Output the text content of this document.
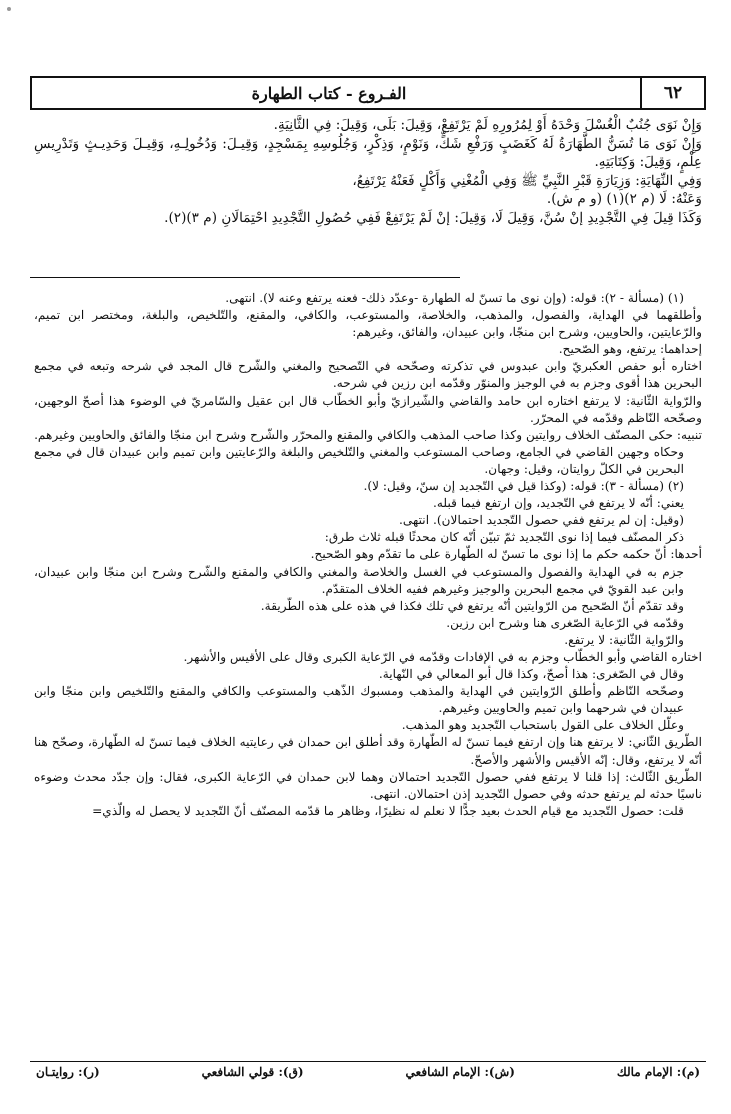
٦٢
الفـروع - كتاب الطهارة

وَإِنْ نَوَى جُنُبٌ الْغُسْلَ وَحْدَهُ أَوْ لِمُرُورِهِ لَمْ يَرْتَفِعْ، وَقِيلَ: بَلَى، وَقِيلَ: فِي الثَّانِيَةِ.

وَإِنْ نَوَى مَا تُسَنُّ الطَّهَارَةُ لَهُ كَغَضَبٍ وَرَفْعِ شَكٍّ، وَنَوْمٍ، وَذِكْرٍ، وَجُلُوسِهِ بِمَسْجِدٍ، وَقِيـلَ: وَدُخُولِـهِ، وَقِيـلَ وَحَدِيـثٍ وَتَدْرِيسِ عِلْمٍ، وَقِيلَ: وَكِتَابَتِهِ.

وَفِي النِّهَايَةِ: وَزِيَارَةِ قَبْرِ النَّبِيِّ ﷺ وَفِي الْمُغْنِي وَأَكْلٍ فَعَنْهُ يَرْتَفِعُ،

وَعَنْهُ: لَا (م ٢)(١) (و م ش).

وَكَذَا قِيلَ فِي التَّجْدِيدِ إنْ سُنَّ، وَقِيلَ لَا، وَقِيلَ: إنْ لَمْ يَرْتَفِعْ فَفِي حُصُولِ التَّجْدِيدِ احْتِمَالَانِ (م ٣)(٢).

(١) (مسألة - ٢): قوله: (وإن نوى ما تسنّ له الطهارة -وعدّد ذلك- فعنه يرتفع وعنه لا). انتهى.

وأطلقهما في الهداية، والفصول، والمذهب، والخلاصة، والمستوعب، والكافي، والمقنع، والتّلخيص، والبلغة، ومختصر ابن تميم، والرّعايتين، والحاويين، وشرح ابن منجّا، وابن عبيدان، والفائق، وغيرهم:

إحداهما: يرتفع، وهو الصّحيح.

اختاره أبو حفص العكبريّ وابن عبدوس في تذكرته وصحّحه في التّصحيح والمغني والشّرح قال المجد في شرحه وتبعه في مجمع البحرين هذا أقوى وجزم به في الوجيز والمنوّر وقدّمه ابن رزين في شرحه.

والرّواية الثّانية: لا يرتفع اختاره ابن حامد والقاضي والشّيرازيّ وأبو الخطّاب قال ابن عقيل والسّامريّ في الوضوء هذا أصحّ الوجهين، وصحّحه النّاظم وقدّمه في المحرّر.

تنبيه: حكى المصنّف الخلاف روايتين وكذا صاحب المذهب والكافي والمقنع والمحرّر والشّرح وشرح ابن منجّا والفائق والحاويين وغيرهم.

وحكاه وجهين القاضي في الجامع، وصاحب المستوعب والمغني والتّلخيص والبلغة والرّعايتين وابن تميم وابن عبيدان قال في مجمع البحرين في الكلّ روايتان، وقيل: وجهان.

(٢) (مسألة - ٣): قوله: (وكذا قيل في التّجديد إن سنّ، وقيل: لا).

يعني: أنّه لا يرتفع في التّجديد، وإن ارتفع فيما قبله.

(وقيل: إن لم يرتفع ففي حصول التّجديد احتمالان). انتهى.

ذكر المصنّف فيما إذا نوى التّجديد ثمّ تبيّن أنّه كان محدثًا قبله ثلاث طرق:

أحدها: أنّ حكمه حكم ما إذا نوى ما تسنّ له الطّهارة على ما تقدّم وهو الصّحيح.

جزم به في الهداية والفصول والمستوعب في الغسل والخلاصة والمغني والكافي والمقنع والشّرح وشرح ابن منجّا وابن عبيدان، وابن عبد القويّ في مجمع البحرين والوجيز وغيرهم ففيه الخلاف المتقدّم.

وقد تقدّم أنّ الصّحيح من الرّوايتين أنّه يرتفع في تلك فكذا في هذه على هذه الطّريقة.

وقدّمه في الرّعاية الصّغرى هنا وشرح ابن رزين.

والرّواية الثّانية: لا يرتفع.

اختاره القاضي وأبو الخطّاب وجزم به في الإفادات وقدّمه في الرّعاية الكبرى وقال على الأقيس والأشهر.

وقال في الصّغرى: هذا أصحّ، وكذا قال أبو المعالي في النّهاية.

وصحّحه النّاظم وأطلق الرّوايتين في الهداية والمذهب ومسبوك الذّهب والمستوعب والكافي والمقنع والتّلخيص وابن منجّا وابن عبيدان في شرحهما وابن تميم والحاويين وغيرهم.

وعلّل الخلاف على القول باستحباب التّجديد وهو المذهب.

الطّريق الثّاني: لا يرتفع هنا وإن ارتفع فيما تسنّ له الطّهارة وقد أطلق ابن حمدان في رعايتيه الخلاف فيما تسنّ له الطّهارة، وصحّح هنا أنّه لا يرتفع، وقال: إنّه الأقيس والأشهر والأصحّ.

الطّريق الثّالث: إذا قلنا لا يرتفع ففي حصول التّجديد احتمالان وهما لابن حمدان في الرّعاية الكبرى، فقال: وإن جدّد محدث وضوءه ناسيًا حدثه لم يرتفع حدثه وفي حصول التّجديد إذن احتمالان. انتهى.

قلت: حصول التّجديد مع قيام الحدث بعيد جدًّا لا نعلم له نظيرًا، وظاهر ما قدّمه المصنّف أنّ التّجديد لا يحصل له والّذي=

(م): الإمام مالك
(ش): الإمام الشافعي
(ق): قولي الشافعي
(ر): روايتـان
